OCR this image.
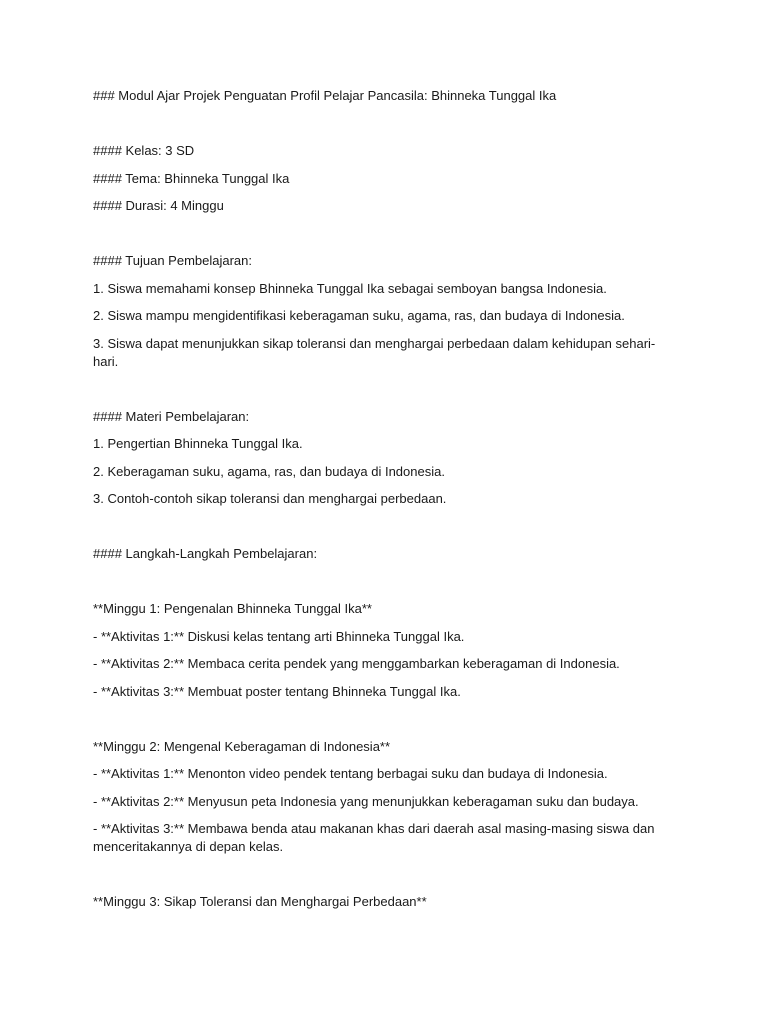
### Modul Ajar Projek Penguatan Profil Pelajar Pancasila: Bhinneka Tunggal Ika

#### Kelas: 3 SD

#### Tema: Bhinneka Tunggal Ika

#### Durasi: 4 Minggu

#### Tujuan Pembelajaran:

1. Siswa memahami konsep Bhinneka Tunggal Ika sebagai semboyan bangsa Indonesia.

2. Siswa mampu mengidentifikasi keberagaman suku, agama, ras, dan budaya di Indonesia.

3. Siswa dapat menunjukkan sikap toleransi dan menghargai perbedaan dalam kehidupan sehari-hari.

#### Materi Pembelajaran:

1. Pengertian Bhinneka Tunggal Ika.

2. Keberagaman suku, agama, ras, dan budaya di Indonesia.

3. Contoh-contoh sikap toleransi dan menghargai perbedaan.

#### Langkah-Langkah Pembelajaran:

**Minggu 1: Pengenalan Bhinneka Tunggal Ika**

- **Aktivitas 1:** Diskusi kelas tentang arti Bhinneka Tunggal Ika.

- **Aktivitas 2:** Membaca cerita pendek yang menggambarkan keberagaman di Indonesia.

- **Aktivitas 3:** Membuat poster tentang Bhinneka Tunggal Ika.

**Minggu 2: Mengenal Keberagaman di Indonesia**

- **Aktivitas 1:** Menonton video pendek tentang berbagai suku dan budaya di Indonesia.

- **Aktivitas 2:** Menyusun peta Indonesia yang menunjukkan keberagaman suku dan budaya.

- **Aktivitas 3:** Membawa benda atau makanan khas dari daerah asal masing-masing siswa dan menceritakannya di depan kelas.

**Minggu 3: Sikap Toleransi dan Menghargai Perbedaan**
